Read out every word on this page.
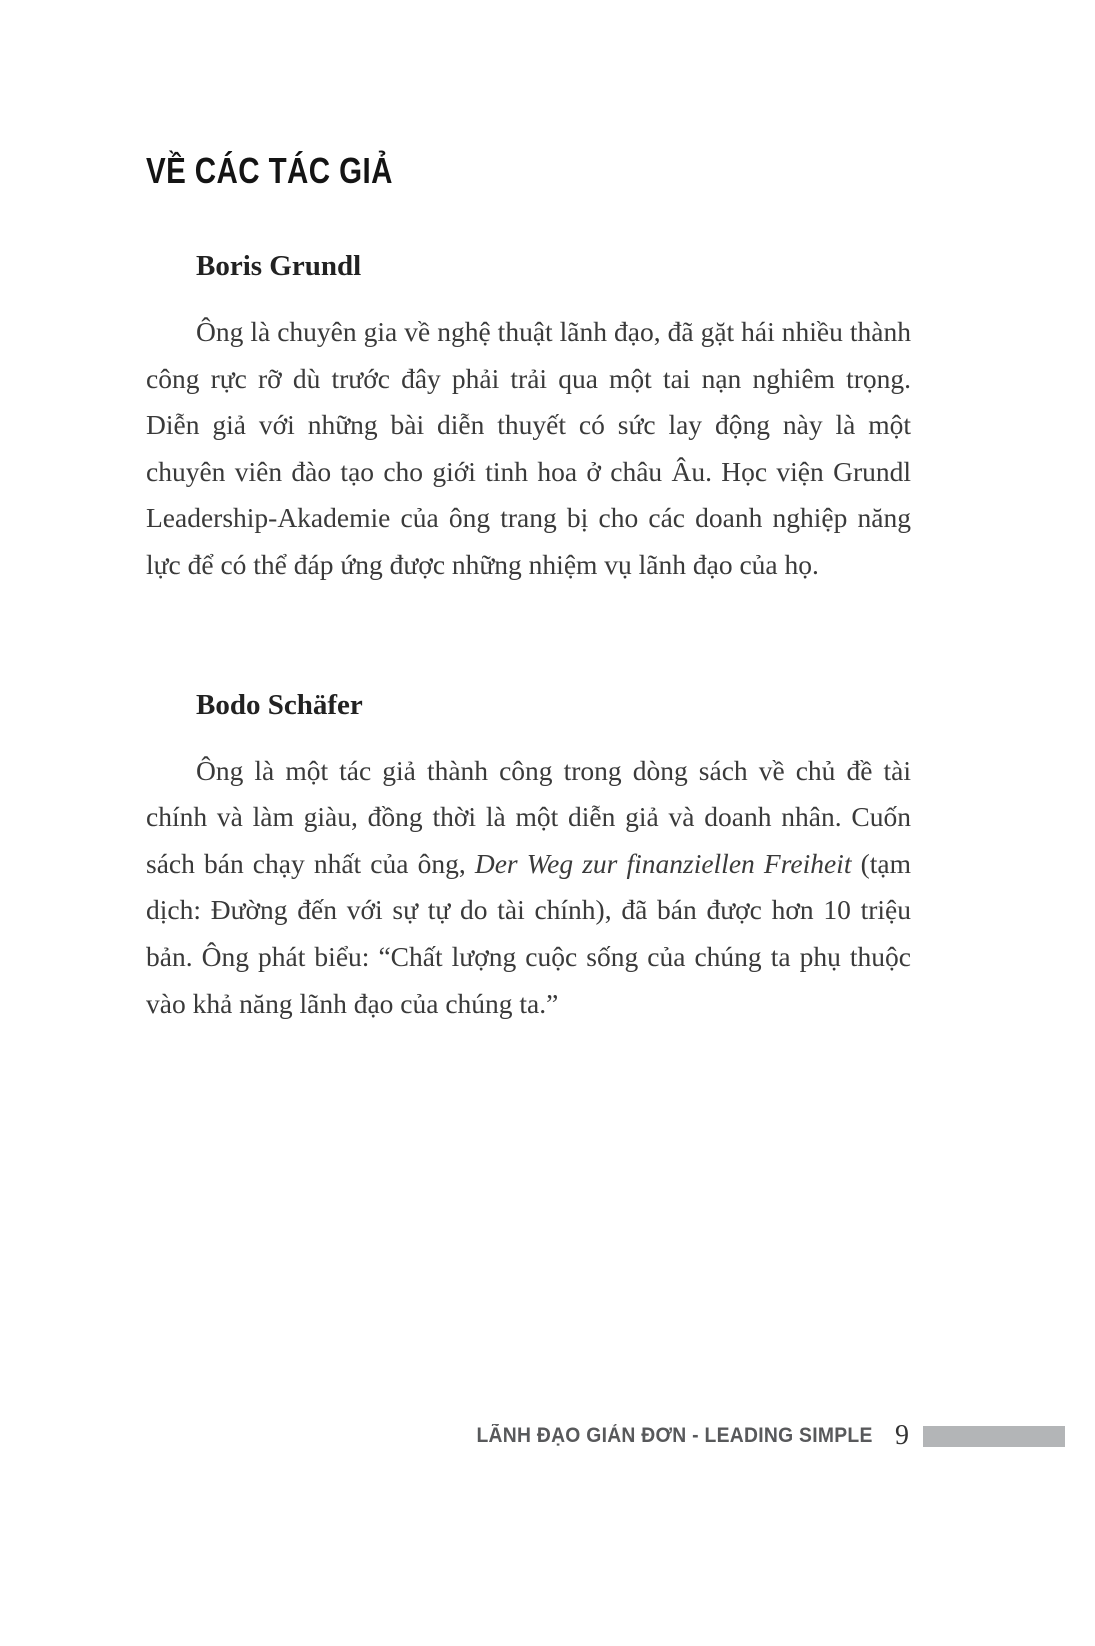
VỀ CÁC TÁC GIẢ
Boris Grundl

Ông là chuyên gia về nghệ thuật lãnh đạo, đã gặt hái nhiều thành công rực rỡ dù trước đây phải trải qua một tai nạn nghiêm trọng. Diễn giả với những bài diễn thuyết có sức lay động này là một chuyên viên đào tạo cho giới tinh hoa ở châu Âu. Học viện Grundl Leadership-Akademie của ông trang bị cho các doanh nghiệp năng lực để có thể đáp ứng được những nhiệm vụ lãnh đạo của họ.

Bodo Schäfer

Ông là một tác giả thành công trong dòng sách về chủ đề tài chính và làm giàu, đồng thời là một diễn giả và doanh nhân. Cuốn sách bán chạy nhất của ông, Der Weg zur finanziellen Freiheit (tạm dịch: Đường đến với sự tự do tài chính), đã bán được hơn 10 triệu bản. Ông phát biểu: “Chất lượng cuộc sống của chúng ta phụ thuộc vào khả năng lãnh đạo của chúng ta.”

LÃNH ĐẠO GIẢN ĐƠN - LEADING SIMPLE 9
